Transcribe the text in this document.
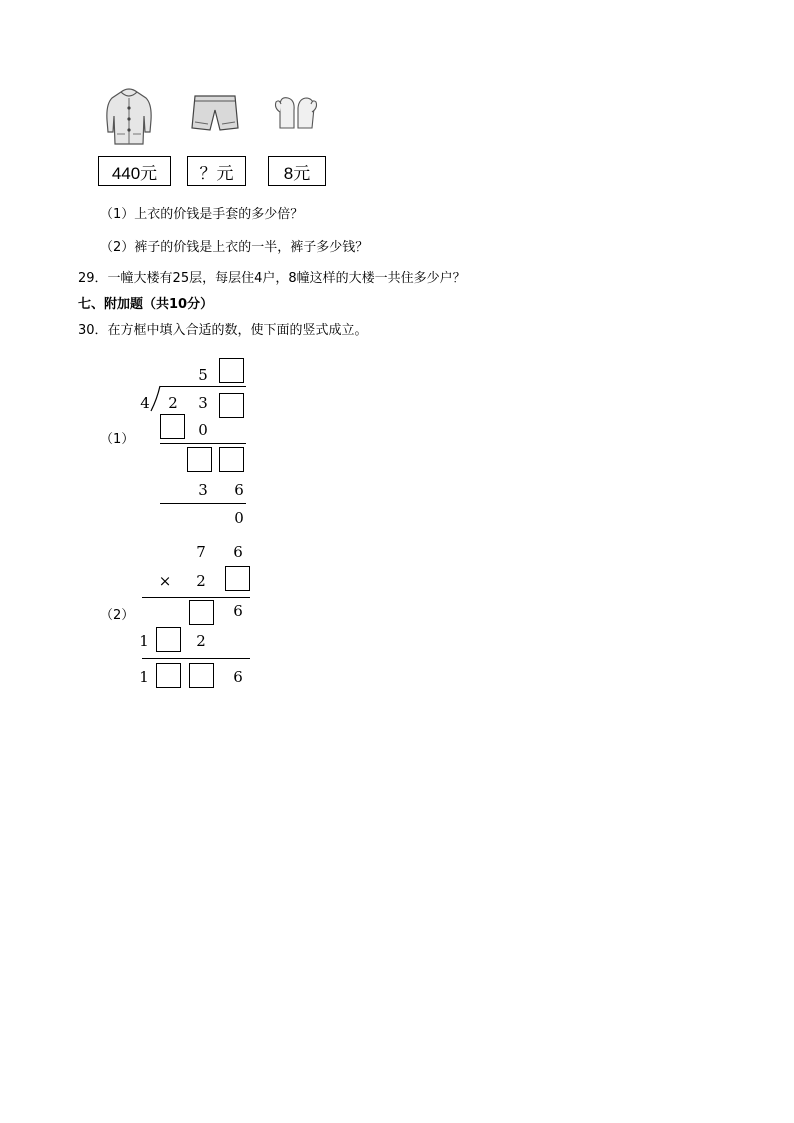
440元	？元	8元
（1）上衣的价钱是手套的多少倍？
（2）裤子的价钱是上衣的一半，裤子多少钱？
29．一幢大楼有25层，每层住4户，8幢这样的大楼一共住多少户？
七、附加题（共10分）
30．在方框中填入合适的数，使下面的竖式成立。
（1）
5
4	2	3
0
3	6
0
（2）
7	6
×	2
6
1	2
1	6
